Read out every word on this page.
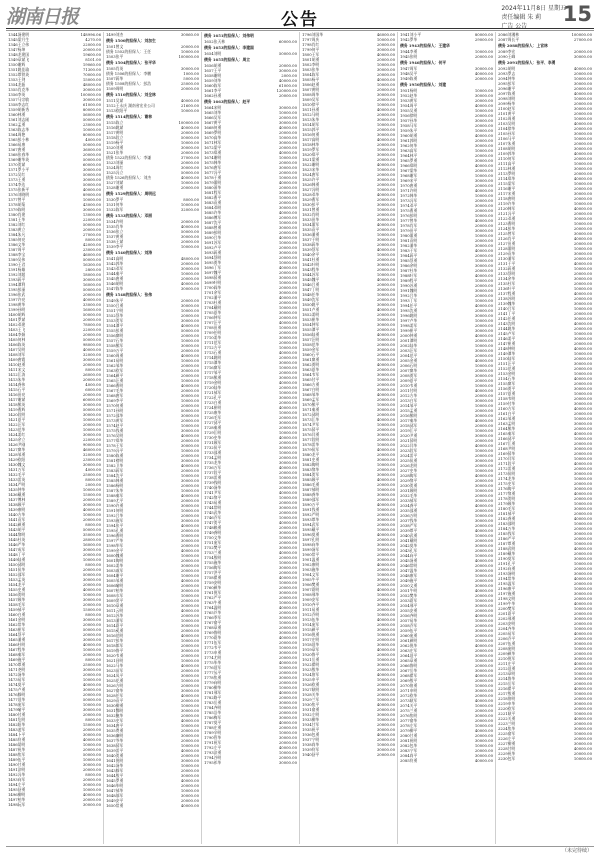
湖南日报	公告
2024年11月8日 星期五
责任编辑 朱 莉
广告 公告
15
1344汤建明	148996.06
1345梁月生	4270.00
1346王立伟	22000.00
1347杨坤	20000.00
1348龙建国	19600.00
1349章斌飞	8101.00
1350谢辉	19060.00
1351姚佳瑜	71300.00
1352覃铁英	70000.00
1353王剑	15000.00
1354龙振	48000.00
1355肖克华	30000.00
1356李英	100000.00
1357马宗敏	30000.00
1358李志红	61000.00
1359胡新秀	80000.00
1360林勇	56000.00
1361刘志刚	50000.00
1362孟勇	23000.00
1363陈志华	10000.00
1364周艳	80000.00
1365彭小林	4000.00
1366易康	50000.00
1367唐勇	36000.00
1368张春华	20000.00
1369谢华英	50000.00
1370贺斌	60000.00
1371罗小平	30000.00
1372吴红	50000.00
1373王勇	30000.00
1374李达	50000.00
1375张新平	40000.00
1376刘晓明	89000.00
1377曾平	10000.00
1378胡菊	43000.00
1379陈明	30000.00
1380肖建	13000.00
1381王华	22000.00
1382刘红	50000.00
1383黄立	20000.00
1384朱凡	27000.00
1385何亮	8000.00
1386文华	42000.00
1387周平	23000.00
1388李宝	46000.00
1389吴伟	50000.00
1390王君	16300.00
1391杨雄	2800.00
1392刘超	18000.00
1393蒋平	30000.00
1394谭利	16000.00
1395彭丽	50000.00
1396张武	20000.00
1397许亮	40000.00
1398黄华	33000.00
1399孙明	16000.00
1400胡辉	50000.00
1401罗斌	20000.00
1402邓建	78000.00
1403王飞	22000.00
1404李娟	20000.00
1405何林	50000.00
1406陈英	98000.00
1407吴明	40000.00
1408刘军	32000.00
1409唐霞	30000.00
1410赵勇	20000.00
1411宋文	8000.00
1412江涛	26000.00
1413朱华	20000.00
1414龚伟	4000.00
1415石平	6000.00
1416田亮	20000.00
1417谢斌	60000.00
1418熊英	30000.00
1419曹辉	50000.00
1420段明	30000.00
1421夏平	10000.00
1422汪军	20000.00
1423范华	10000.00
1424姜红	30000.00
1425余立	22000.00
1426尹刚	90000.00
1427廖华	46000.00
1428邹勇	32000.00
1429欧阳	23000.00
1430魏文	30000.00
1431万军	4000.00
1432毛平	25000.00
1433雷英	8000.00
1434严明	2000.00
1435钟华	10000.00
1436戴勇	15000.00
1437傅林	20000.00
1438顾平	30000.00
1439康明	40000.00
1440方华	10000.00
1441袁军	20000.00
1442颜勇	8000.00
1443胡平	50000.00
1444黎明	35000.00
1445杜英	28000.00
1446严华	16000.00
1447成军	30000.00
1448丁平	20000.00
1449陆勇	10000.00
1450邱明	8000.00
1451侯华	20000.00
1452邵军	50000.00
1453孟英	30000.00
1454龙平	20000.00
1455史勇	40000.00
1456贺明	10000.00
1457顾华	30000.00
1458毛军	20000.00
1459郝平	15000.00
1460白勇	8000.00
1461金明	30000.00
1462常华	20000.00
1463崔军	50000.00
1464蔡平	20000.00
1465潘勇	30000.00
1466杜明	40000.00
1467程华	10000.00
1468秦军	20000.00
1469施平	8000.00
1470覃勇	25000.00
1471尧明	30000.00
1472汤华	20000.00
1473易军	10000.00
1474莫平	40000.00
1475卢勇	30000.00
1476滕明	20000.00
1477聂华	50000.00
1478庞军	10000.00
1479喻平	30000.00
1480付勇	20000.00
1481危明	8000.00
1482阳华	15000.00
1483凌军	20000.00
1484卜平	30000.00
1485符勇	40000.00
1486晏明	10000.00
1487祝华	20000.00
1488焦军	50000.00
1489伍平	10000.00
1490甘勇	30000.00
1491涂明	20000.00
1492冯华	8000.00
1493向军	20000.00
1494左平	30000.00
1495舒勇	10000.00
1496柳明	40000.00
1497柏华	20000.00
1498阮军	30000.00
1499刘杰	30060.00
债务 1500的担保人：刘加生
1501曾文	20000.00
债务 1502的担保人：王任	10000.00
1503张平	100000.00
债务 1504的担保人：张平华
1505肖英	30000.00
债务 1506的担保人：李鹏	1000.00
1507蒋华	5000.00
债务 1508的担保人：彭浩	25000.00
1509周明	20000.00
债务 1510的担保人：刘全林
1511吴斌	40000.00
1512王永庆 湖南省宏业公司	21600.00
1513欧阳平	10000.00
债务 1514的担保人：谢林
1515陈立	100000.00
1516姚斌	40000.00
1517黄明	20000.00
1518段立	50000.00
1519杨平	10000.00
1520刘勇	30000.00
1521张华	20000.00
债务 1522的担保人：李谦	37000.00
1523刘丽	20000.00
1524周红	30000.00
1525冯立	50000.00
债务 1526的担保人：刘杰	40000.00
1527刘斌	10000.00
1528谢勇	20000.00
债务 1529的担保人：周明远
1530罗平	8000.00
1531何华	10000.00
1532陈军	32000.00
债务 1533的担保人：邓丽
1534许明	20000.00
1535肖华	40000.00
1536张立	50000.00
1537黄勇	30000.00
1538王斌	20000.00
1539李平	10000.00
债务 1540的担保人：刘涛
1541高明	48000.00
1542郭华	20000.00
1543邓军	30000.00
1544秦平	10000.00
1545唐勇	20000.00
1546胡明	40000.00
1547陈华	30000.00
债务 1548的担保人：张伟
1549朱平	20000.00
1550吕勇	30000.00
1551宁明	10000.00
1552蔡华	20000.00
1553贺军	30000.00
1554谭平	40000.00
1555彭勇	50000.00
1556廖明	20000.00
1557石华	10000.00
1558熊军	30000.00
1559万平	20000.00
1560周勇	40000.00
1561易明	10000.00
1562邹华	20000.00
1563欧军	30000.00
1564颜平	20000.00
1565汪勇	10000.00
1566曹明	40000.00
1567毛华	20000.00
1568唐军	30000.00
1569李平	10000.00
1570何勇	20000.00
1571孙明	50000.00
1572邵华	30000.00
1573黄军	20000.00
1574赵平	10000.00
1575钱勇	30000.00
1576吴明	40000.00
1577郑华	20000.00
1578王军	30000.00
1579冯平	10000.00
1580陈勇	20000.00
1581褚明	30000.00
1582卫华	40000.00
1583蒋军	20000.00
1584沈平	10000.00
1585韩勇	30000.00
1586杨明	20000.00
1587朱华	10000.00
1588秦军	40000.00
1589尤平	20000.00
1590许勇	30000.00
1591何明	10000.00
1592吕华	20000.00
1593施军	30000.00
1594张平	40000.00
1595孔勇	20000.00
1596曹明	10000.00
1597严华	30000.00
1598华军	20000.00
1599金平	40000.00
1600魏勇	10000.00
1601陶明	20000.00
1602姜华	30000.00
1603戚军	20000.00
1604谢平	10000.00
1605邹勇	40000.00
1606喻明	20000.00
1607柏华	30000.00
1608水军	10000.00
1609窦平	20000.00
1610章勇	30000.00
1611云明	40000.00
1612苏华	20000.00
1613潘军	10000.00
1614葛平	30000.00
1615奚勇	20000.00
1616范明	40000.00
1617彭华	10000.00
1618郎军	20000.00
1619鲁平	30000.00
1620韦勇	20000.00
1621昌明	10000.00
1622马华	40000.00
1623苗军	20000.00
1624凤平	30000.00
1625花勇	10000.00
1626方明	20000.00
1627俞华	30000.00
1628任军	40000.00
1629袁平	20000.00
1630柳勇	10000.00
1631酆明	30000.00
1632鲍华	20000.00
1633史军	40000.00
1634唐平	10000.00
1635费勇	20000.00
1636廉明	30000.00
1637岑华	20000.00
1638薛军	10000.00
1639雷平	40000.00
1640贺勇	20000.00
1641倪明	30000.00
1642汤华	10000.00
1643滕军	20000.00
1644殷平	30000.00
1645罗勇	40000.00
1646毕明	20000.00
1647郝华	10000.00
1648邬军	30000.00
1649安平	20000.00
1650常勇	40000.00
债务 1651的担保人：刘伟明
1652张天林	60000.00
债务 1653的担保人：李建国
1654刘明	50000.00
债务 1655的担保人：周立
1656胡勇	20000.00
1657王平	30000.00
1658谢明	2000.00
1659刘华	40000.00
1660陈军	61000.00
1661李平	120000.00
1662孙勇	20000.00
债务 1663的担保人：赵平
1664宋明	30000.00
1665刘华	10000.00
1666吴军	20000.00
1667黄平	30000.00
1668何勇	40000.00
1669罗明	20000.00
1670高华	10000.00
1671林军	30000.00
1672梁平	20000.00
1673郑勇	40000.00
1674谢明	10000.00
1675韩华	20000.00
1676唐军	30000.00
1677冯平	20000.00
1678于勇	10000.00
1679董明	40000.00
1680萧华	20000.00
1681程军	30000.00
1682曹平	10000.00
1683袁勇	20000.00
1684邓明	30000.00
1685许华	40000.00
1686傅军	20000.00
1687沈平	10000.00
1688曾勇	30000.00
1689彭明	20000.00
1690吕华	40000.00
1691苏军	10000.00
1692卢平	20000.00
1693蒋勇	30000.00
1694蔡明	20000.00
1695贾华	10000.00
1696丁军	40000.00
1697魏平	20000.00
1698薛勇	30000.00
1699叶明	10000.00
1700阎华	20000.00
1701余军	30000.00
1702潘平	40000.00
1703杜勇	20000.00
1704戴明	10000.00
1705夏华	30000.00
1706钟军	20000.00
1707汪平	40000.00
1708田勇	10000.00
1709任明	20000.00
1710姜华	30000.00
1711范军	20000.00
1712方平	10000.00
1713石勇	40000.00
1714姚明	20000.00
1715谭华	30000.00
1716廖军	10000.00
1717邹平	20000.00
1718熊勇	30000.00
1719金明	40000.00
1720陆华	20000.00
1721郝军	10000.00
1722孔平	30000.00
1723白勇	20000.00
1724崔明	40000.00
1725康华	10000.00
1726毛军	20000.00
1727邱平	30000.00
1728秦勇	20000.00
1729江明	10000.00
1730史华	40000.00
1731顾军	20000.00
1732侯平	30000.00
1733邵勇	10000.00
1734孟明	20000.00
1735龙华	30000.00
1736万军	40000.00
1737段平	20000.00
1738雷勇	10000.00
1739钱明	30000.00
1740汤华	20000.00
1741尹军	40000.00
1742黎平	10000.00
1743易勇	20000.00
1744常明	30000.00
1745武华	20000.00
1746乔军	10000.00
1747贺平	40000.00
1748赖勇	20000.00
1749龚明	30000.00
1750文华	10000.00
1751庞军	20000.00
1752樊平	30000.00
1753兰勇	40000.00
1754殷明	20000.00
1755施华	10000.00
1756陶军	30000.00
1757洪平	20000.00
1758翟勇	40000.00
1759安明	10000.00
1760颜华	20000.00
1761倪军	30000.00
1762严平	20000.00
1763牛勇	10000.00
1764温明	40000.00
1765芦华	20000.00
1766季军	30000.00
1767俞平	10000.00
1768章勇	20000.00
1769鲁明	30000.00
1770葛华	40000.00
1771伍军	20000.00
1772韦平	10000.00
1773申勇	30000.00
1774尤明	20000.00
1775毕华	40000.00
1776聂军	10000.00
1777丛平	20000.00
1778焦勇	30000.00
1779向明	20000.00
1780柳华	10000.00
1781邢军	40000.00
1782路平	20000.00
1783岳勇	30000.00
1784齐明	10000.00
1785沿华	20000.00
1786梅军	30000.00
1787莫平	40000.00
1788庄勇	20000.00
1789辛明	10000.00
1790管华	30000.00
1791祝军	20000.00
1792左平	40000.00
1793涂勇	10000.00
1794谷明	20000.00
1795祁华	30000.00
1796刘国华	46000.00
1797周庆	10000.00
1798肖红	20000.00
1799何平	30000.00
1800王军	40000.00
1801胡勇	20000.00
1802李明	10000.00
1803张华	30000.00
1804陈军	20000.00
1805杨平	40000.00
1806赵勇	10000.00
1807黄明	20000.00
1808周华	30000.00
1809吴军	20000.00
1810徐平	10000.00
1811孙勇	40000.00
1812马明	20000.00
1813朱华	30000.00
1814胡军	10000.00
1815郭平	20000.00
1816何勇	30000.00
1817高明	40000.00
1818林华	20000.00
1819罗军	10000.00
1820郑平	30000.00
1821梁勇	20000.00
1822谢明	40000.00
1823宋华	10000.00
1824唐军	20000.00
1825许平	30000.00
1826韩勇	20000.00
1827冯明	10000.00
1828邓华	40000.00
1829曹军	20000.00
1830彭平	30000.00
1831曾勇	10000.00
1832肖明	20000.00
1833田华	30000.00
1834董军	40000.00
1835袁平	20000.00
1836潘勇	10000.00
1837于明	30000.00
1838蒋华	20000.00
1839蔡军	40000.00
1840余平	10000.00
1841杜勇	20000.00
1842叶明	30000.00
1843程华	20000.00
1844苏军	10000.00
1845魏平	40000.00
1846吕勇	20000.00
1847丁明	30000.00
1848任华	10000.00
1849沈军	20000.00
1850姚平	30000.00
1851卢勇	40000.00
1852姜明	20000.00
1853崔华	10000.00
1854钟军	30000.00
1855谭平	20000.00
1856陆勇	40000.00
1857汪明	10000.00
1858范华	20000.00
1859金军	30000.00
1860石平	20000.00
1861廖勇	10000.00
1862贾明	40000.00
1863夏华	20000.00
1864韦军	30000.00
1865付平	10000.00
1866方勇	20000.00
1867白明	30000.00
1868邹华	40000.00
1869孟军	20000.00
1870熊平	10000.00
1871秦勇	30000.00
1872邱明	20000.00
1873江华	40000.00
1874尹军	10000.00
1875薛平	20000.00
1876闫勇	30000.00
1877段明	20000.00
1878雷华	10000.00
1879侯军	40000.00
1880龙平	20000.00
1881史勇	30000.00
1882陶明	10000.00
1883黎华	20000.00
1884贺军	30000.00
1885顾平	40000.00
1886毛勇	20000.00
1887郝明	10000.00
1888龚华	30000.00
1889邵军	20000.00
1890万平	40000.00
1891钱勇	10000.00
1892严明	20000.00
1893覃华	30000.00
1894武军	20000.00
1895戴平	10000.00
1896莫勇	40000.00
1897孔明	20000.00
1898向华	30000.00
1899汤军	10000.00
1900常平	20000.00
1901温勇	30000.00
1902康明	40000.00
1903施华	20000.00
1904文军	10000.00
1905牛平	30000.00
1906樊勇	20000.00
1907葛明	40000.00
1908邢华	10000.00
1909安军	20000.00
1910齐平	30000.00
1911易勇	20000.00
1912乔明	10000.00
1913伍华	40000.00
1914庞军	20000.00
1915颜平	30000.00
1916倪勇	10000.00
1917庄明	20000.00
1918聂华	30000.00
1919章军	40000.00
1920鲁平	20000.00
1921岳勇	10000.00
1922翟明	30000.00
1923殷华	20000.00
1924詹军	40000.00
1925申平	10000.00
1926欧勇	20000.00
1927耿明	30000.00
1928关华	20000.00
1929兰军	10000.00
1930焦平	40000.00
1931俞勇	20000.00
1932左明	30000.00
1933柳华	10000.00
1934甘军	20000.00
1935祝平	30000.00
1936包勇	40000.00
1937宁明	20000.00
1938尚华	10000.00
1939符军	30000.00
1940舒平	20000.00
1941刘小平	80000.00
1942罗华	29000.00
债务 1943的担保人：王建华
1944李勇	10000.00
1945张明	20000.00
债务 1946的担保人：何平
1947周军	30000.00
1948吴平	40000.00
1949陈勇	20000.00
债务 1950的担保人：刘建
1951杨明	10000.00
1952赵华	30000.00
1953黄军	20000.00
1954周平	40000.00
1955吴勇	10000.00
1956徐明	20000.00
1957孙华	30000.00
1958马军	20000.00
1959朱平	10000.00
1960胡勇	40000.00
1961郭明	20000.00
1962何华	30000.00
1963高军	10000.00
1964林平	20000.00
1965罗勇	30000.00
1966郑明	40000.00
1967梁华	20000.00
1968谢军	10000.00
1969宋平	30000.00
1970唐勇	20000.00
1971许明	40000.00
1972韩华	10000.00
1973冯军	20000.00
1974邓平	30000.00
1975曹勇	20000.00
1976彭明	10000.00
1977曾华	40000.00
1978肖军	20000.00
1979田平	30000.00
1980董勇	10000.00
1981袁明	20000.00
1982潘华	30000.00
1983于军	40000.00
1984蒋平	20000.00
1985蔡勇	10000.00
1986余明	30000.00
1987杜华	20000.00
1988叶军	40000.00
1989程平	10000.00
1990苏勇	20000.00
1991魏明	30000.00
1992吕华	20000.00
1993丁军	10000.00
1994任平	40000.00
1995沈勇	20000.00
1996姚明	30000.00
1997卢华	10000.00
1998姜军	20000.00
1999崔平	30000.00
2000钟勇	40000.00
2001谭明	20000.00
2002陆华	10000.00
2003汪军	30000.00
2004范平	20000.00
2005金勇	40000.00
2006石明	10000.00
2007廖华	20000.00
2008贾军	30000.00
2009夏平	20000.00
2010韦勇	10000.00
2011付明	40000.00
2012方华	20000.00
2013白军	30000.00
2014邹平	10000.00
2015孟勇	20000.00
2016熊明	30000.00
2017秦华	40000.00
2018邱军	20000.00
2019江平	10000.00
2020尹勇	30000.00
2021薛明	20000.00
2022闫华	40000.00
2023段军	10000.00
2024雷平	20000.00
2025侯勇	30000.00
2026龙明	20000.00
2027史华	10000.00
2028陶军	40000.00
2029黎平	20000.00
2030贺勇	30000.00
2031顾明	10000.00
2032毛华	20000.00
2033郝军	30000.00
2034龚平	40000.00
2035邵勇	20000.00
2036万明	10000.00
2037钱华	30000.00
2038严军	20000.00
2039覃平	40000.00
2040武勇	10000.00
2041戴明	20000.00
2042莫华	30000.00
2043孔军	20000.00
2044向平	10000.00
2045汤勇	40000.00
2046常明	20000.00
2047温华	30000.00
2048康军	10000.00
2049施平	20000.00
2050文勇	30000.00
2051牛明	40000.00
2052樊华	20000.00
2053葛军	10000.00
2054邢平	30000.00
2055安勇	20000.00
2056齐明	40000.00
2057易华	10000.00
2058乔军	20000.00
2059伍平	30000.00
2060庞勇	20000.00
2061颜明	10000.00
2062倪华	40000.00
2063庄军	20000.00
2064聂平	30000.00
2065章勇	10000.00
2066鲁明	20000.00
2067岳华	30000.00
2068翟军	40000.00
2069殷平	20000.00
2070詹勇	10000.00
2071申明	30000.00
2072欧华	20000.00
2073耿军	40000.00
2074关平	10000.00
2075兰勇	20000.00
2076焦明	30000.00
2077俞华	20000.00
2078左军	10000.00
2079柳平	40000.00
2080甘勇	20000.00
2081祝明	30000.00
2082包华	10000.00
2083宁军	20000.00
2084尚平	30000.00
2085符勇	40000.00
2086刘湘林	100000.00
2087周长平	27000.00
债务 2088的担保人：上官林
2089李宏	20000.00
2090王峰	30000.00
债务 2091的担保人：张平、李勇
2092胡明	40000.00
2093罗志	20000.00
2094钟华	10000.00
2095彭军	30000.00
2096谢平	20000.00
2097陈勇	40000.00
2098刘明	10000.00
2099杨华	20000.00
2100赵军	30000.00
2101黄平	20000.00
2102周勇	10000.00
2103吴明	40000.00
2104徐华	20000.00
2105孙军	30000.00
2106马平	10000.00
2107朱勇	20000.00
2108胡明	30000.00
2109郭华	40000.00
2110何军	20000.00
2111高平	10000.00
2112林勇	30000.00
2113罗明	20000.00
2114郑华	40000.00
2115梁军	10000.00
2116谢平	20000.00
2117宋勇	30000.00
2118唐明	20000.00
2119许华	10000.00
2120韩军	40000.00
2121冯平	20000.00
2122邓勇	30000.00
2123曹明	10000.00
2124彭华	20000.00
2125曾军	30000.00
2126肖平	40000.00
2127田勇	20000.00
2128董明	10000.00
2129袁华	30000.00
2130潘军	20000.00
2131于平	40000.00
2132蒋勇	10000.00
2133蔡明	20000.00
2134余华	30000.00
2135杜军	20000.00
2136叶平	10000.00
2137程勇	40000.00
2138苏明	20000.00
2139魏华	30000.00
2140吕军	10000.00
2141丁平	20000.00
2142任勇	30000.00
2143沈明	40000.00
2144姚华	20000.00
2145卢军	10000.00
2146姜平	30000.00
2147崔勇	20000.00
2148钟明	40000.00
2149谭华	10000.00
2150陆军	20000.00
2151汪平	30000.00
2152范勇	20000.00
2153金明	10000.00
2154石华	40000.00
2155廖军	20000.00
2156贾平	30000.00
2157夏勇	10000.00
2158韦明	20000.00
2159付华	30000.00
2160方军	40000.00
2161白平	20000.00
2162邹勇	10000.00
2163孟明	30000.00
2164熊华	20000.00
2165秦军	40000.00
2166邱平	10000.00
2167江勇	20000.00
2168尹明	30000.00
2169薛华	20000.00
2170闫军	10000.00
2171段平	40000.00
2172雷勇	20000.00
2173侯明	30000.00
2174龙华	10000.00
2175史军	20000.00
2176陶平	30000.00
2177黎勇	40000.00
2178贺明	20000.00
2179顾华	10000.00
2180毛军	30000.00
2181郝平	20000.00
2182龚勇	40000.00
2183邵明	10000.00
2184万华	20000.00
2185钱军	30000.00
2186严平	20000.00
2187覃勇	10000.00
2188武明	40000.00
2189戴华	20000.00
2190莫军	30000.00
2191孔平	10000.00
2192向勇	20000.00
2193汤明	30000.00
2194常华	40000.00
2195温军	20000.00
2196康平	10000.00
2197施勇	30000.00
2198文明	20000.00
2199牛华	40000.00
2200樊军	10000.00
2201葛平	20000.00
2202邢勇	30000.00
2203安明	20000.00
2204齐华	10000.00
2205易军	40000.00
2206乔平	20000.00
2207伍勇	30000.00
2208庞明	10000.00
2209颜华	20000.00
2210倪军	30000.00
2211庄平	40000.00
2212聂勇	20000.00
2213章明	10000.00
2214鲁华	30000.00
2215岳军	20000.00
2216翟平	40000.00
2217殷勇	10000.00
2218詹明	20000.00
2219申华	30000.00
2220欧军	20000.00
2221耿平	10000.00
2222关勇	40000.00
2223兰明	20000.00
2224焦华	30000.00
2225俞军	10000.00
2226左平	20000.00
2227柳勇	30000.00
2228甘明	40000.00
2229祝华	20000.00
2230包军	10000.00
（未完待续）
